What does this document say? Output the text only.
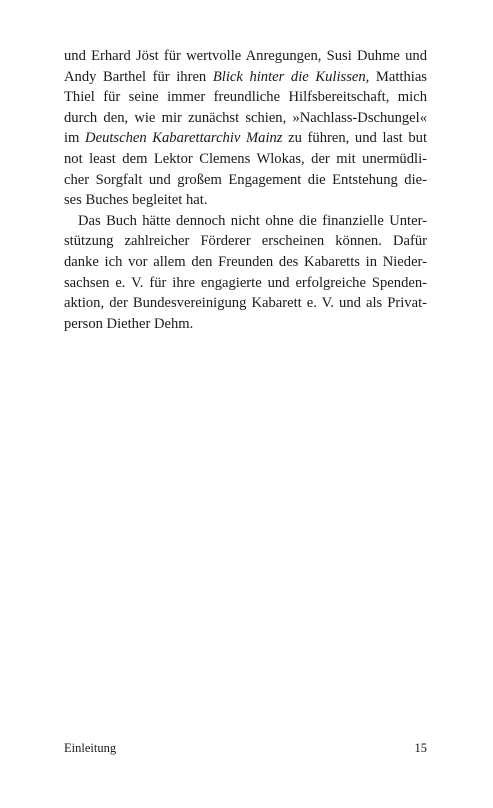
und Erhard Jöst für wertvolle Anregungen, Susi Duhme und
Andy Barthel für ihren Blick hinter die Kulissen, Matthias
Thiel für seine immer freundliche Hilfsbereitschaft, mich
durch den, wie mir zunächst schien, »Nachlass-Dschungel«
im Deutschen Kabarettarchiv Mainz zu führen, und last but
not least dem Lektor Clemens Wlokas, der mit unermüdli-
cher Sorgfalt und großem Engagement die Entstehung die-
ses Buches begleitet hat.
Das Buch hätte dennoch nicht ohne die finanzielle Unter-
stützung zahlreicher Förderer erscheinen können. Dafür
danke ich vor allem den Freunden des Kabaretts in Nieder-
sachsen e. V. für ihre engagierte und erfolgreiche Spenden-
aktion, der Bundesvereinigung Kabarett e. V. und als Privat-
person Diether Dehm.
Einleitung	15
